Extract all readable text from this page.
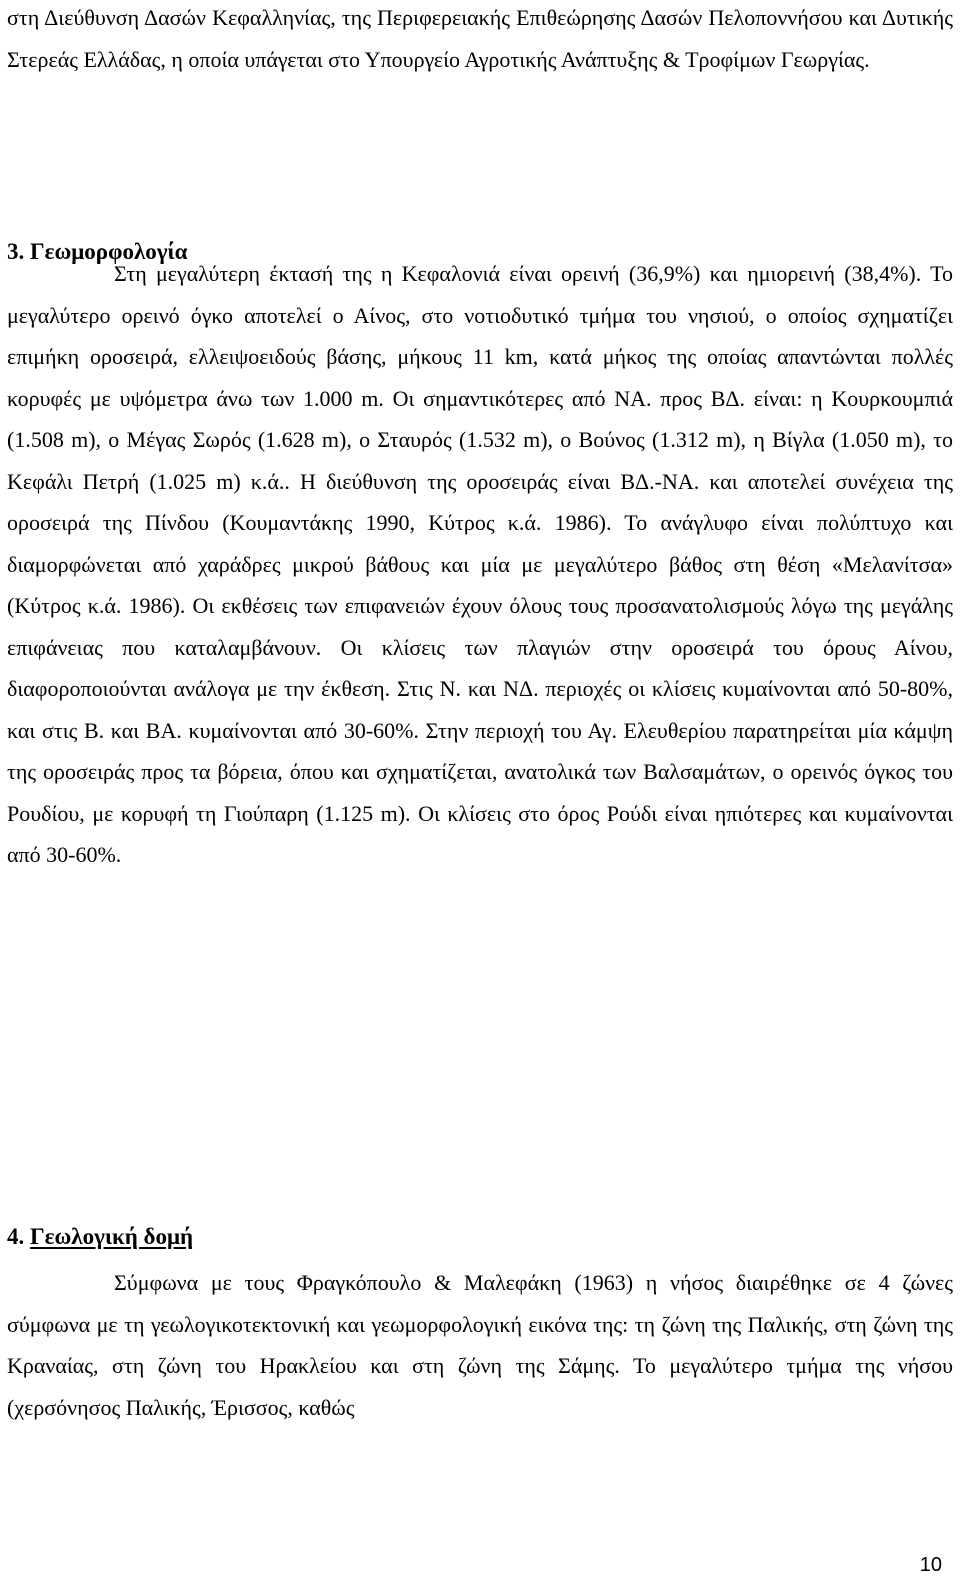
στη Διεύθυνση Δασών Κεφαλληνίας, της Περιφερειακής Επιθεώρησης Δασών Πελοποννήσου και Δυτικής Στερεάς Ελλάδας, η οποία υπάγεται στο Υπουργείο Αγροτικής Ανάπτυξης & Τροφίμων Γεωργίας.

3. Γεωμορφολογία

Στη μεγαλύτερη έκτασή της η Κεφαλονιά είναι ορεινή (36,9%) και ημιορεινή (38,4%). Το μεγαλύτερο ορεινό όγκο αποτελεί ο Αίνος, στο νοτιοδυτικό τμήμα του νησιού, ο οποίος σχηματίζει επιμήκη οροσειρά, ελλειψοειδούς βάσης, μήκους 11 km, κατά μήκος της οποίας απαντώνται πολλές κορυφές με υψόμετρα άνω των 1.000 m. Οι σημαντικότερες από ΝΑ. προς ΒΔ. είναι: η Κουρκουμπιά (1.508 m), ο Μέγας Σωρός (1.628 m), ο Σταυρός (1.532 m), ο Βούνος (1.312 m), η Βίγλα (1.050 m), το Κεφάλι Πετρή (1.025 m) κ.ά.. Η διεύθυνση της οροσειράς είναι ΒΔ.-ΝΑ. και αποτελεί συνέχεια της οροσειρά της Πίνδου (Κουμαντάκης 1990, Κύτρος κ.ά. 1986). Το ανάγλυφο είναι πολύπτυχο και διαμορφώνεται από χαράδρες μικρού βάθους και μία με μεγαλύτερο βάθος στη θέση «Μελανίτσα» (Κύτρος κ.ά. 1986). Οι εκθέσεις των επιφανειών έχουν όλους τους προσανατολισμούς λόγω της μεγάλης επιφάνειας που καταλαμβάνουν. Οι κλίσεις των πλαγιών στην οροσειρά του όρους Αίνου, διαφοροποιούνται ανάλογα με την έκθεση. Στις Ν. και ΝΔ. περιοχές οι κλίσεις κυμαίνονται από 50-80%, και στις Β. και ΒΑ. κυμαίνονται από 30-60%. Στην περιοχή του Αγ. Ελευθερίου παρατηρείται μία κάμψη της οροσειράς προς τα βόρεια, όπου και σχηματίζεται, ανατολικά των Βαλσαμάτων, ο ορεινός όγκος του Ρουδίου, με κορυφή τη Γιούπαρη (1.125 m). Οι κλίσεις στο όρος Ρούδι είναι ηπιότερες και κυμαίνονται από 30-60%.

4. Γεωλογική δομή

Σύμφωνα με τους Φραγκόπουλο & Μαλεφάκη (1963) η νήσος διαιρέθηκε σε 4 ζώνες σύμφωνα με τη γεωλογικοτεκτονική και γεωμορφολογική εικόνα της: τη ζώνη της Παλικής, στη ζώνη της Κραναίας, στη ζώνη του Ηρακλείου και στη ζώνη της Σάμης. Το μεγαλύτερο τμήμα της νήσου (χερσόνησος Παλικής, Έρισσος, καθώς

10
